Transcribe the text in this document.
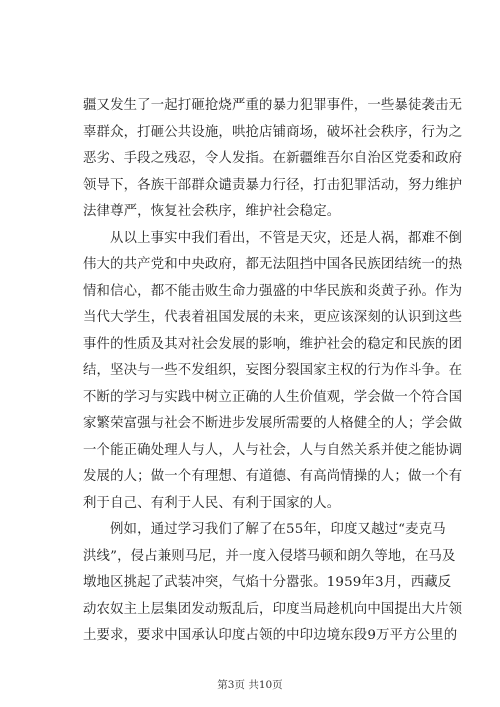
疆又发生了一起打砸抢烧严重的暴力犯罪事件，一些暴徒袭击无
辜群众，打砸公共设施，哄抢店铺商场，破坏社会秩序，行为之
恶劣、手段之残忍，令人发指。在新疆维吾尔自治区党委和政府
领导下，各族干部群众谴责暴力行径，打击犯罪活动，努力维护
法律尊严，恢复社会秩序，维护社会稳定。

从以上事实中我们看出，不管是天灾，还是人祸，都难不倒
伟大的共产党和中央政府，都无法阻挡中国各民族团结统一的热
情和信心，都不能击败生命力强盛的中华民族和炎黄子孙。作为
当代大学生，代表着祖国发展的未来，更应该深刻的认识到这些
事件的性质及其对社会发展的影响，维护社会的稳定和民族的团
结，坚决与一些不发组织，妄图分裂国家主权的行为作斗争。在
不断的学习与实践中树立正确的人生价值观，学会做一个符合国
家繁荣富强与社会不断进步发展所需要的人格健全的人；学会做
一个能正确处理人与人，人与社会，人与自然关系并使之能协调
发展的人；做一个有理想、有道德、有高尚情操的人；做一个有
利于自己、有利于人民、有利于国家的人。

例如，通过学习我们了解了在55年，印度又越过“麦克马
洪线”，侵占兼则马尼，并一度入侵塔马顿和朗久等地，在马及
墩地区挑起了武装冲突，气焰十分嚣张。1959年3月，西藏反
动农奴主上层集团发动叛乱后，印度当局趁机向中国提出大片领
土要求，要求中国承认印度占领的中印边境东段9万平方公里的

第3页 共10页
